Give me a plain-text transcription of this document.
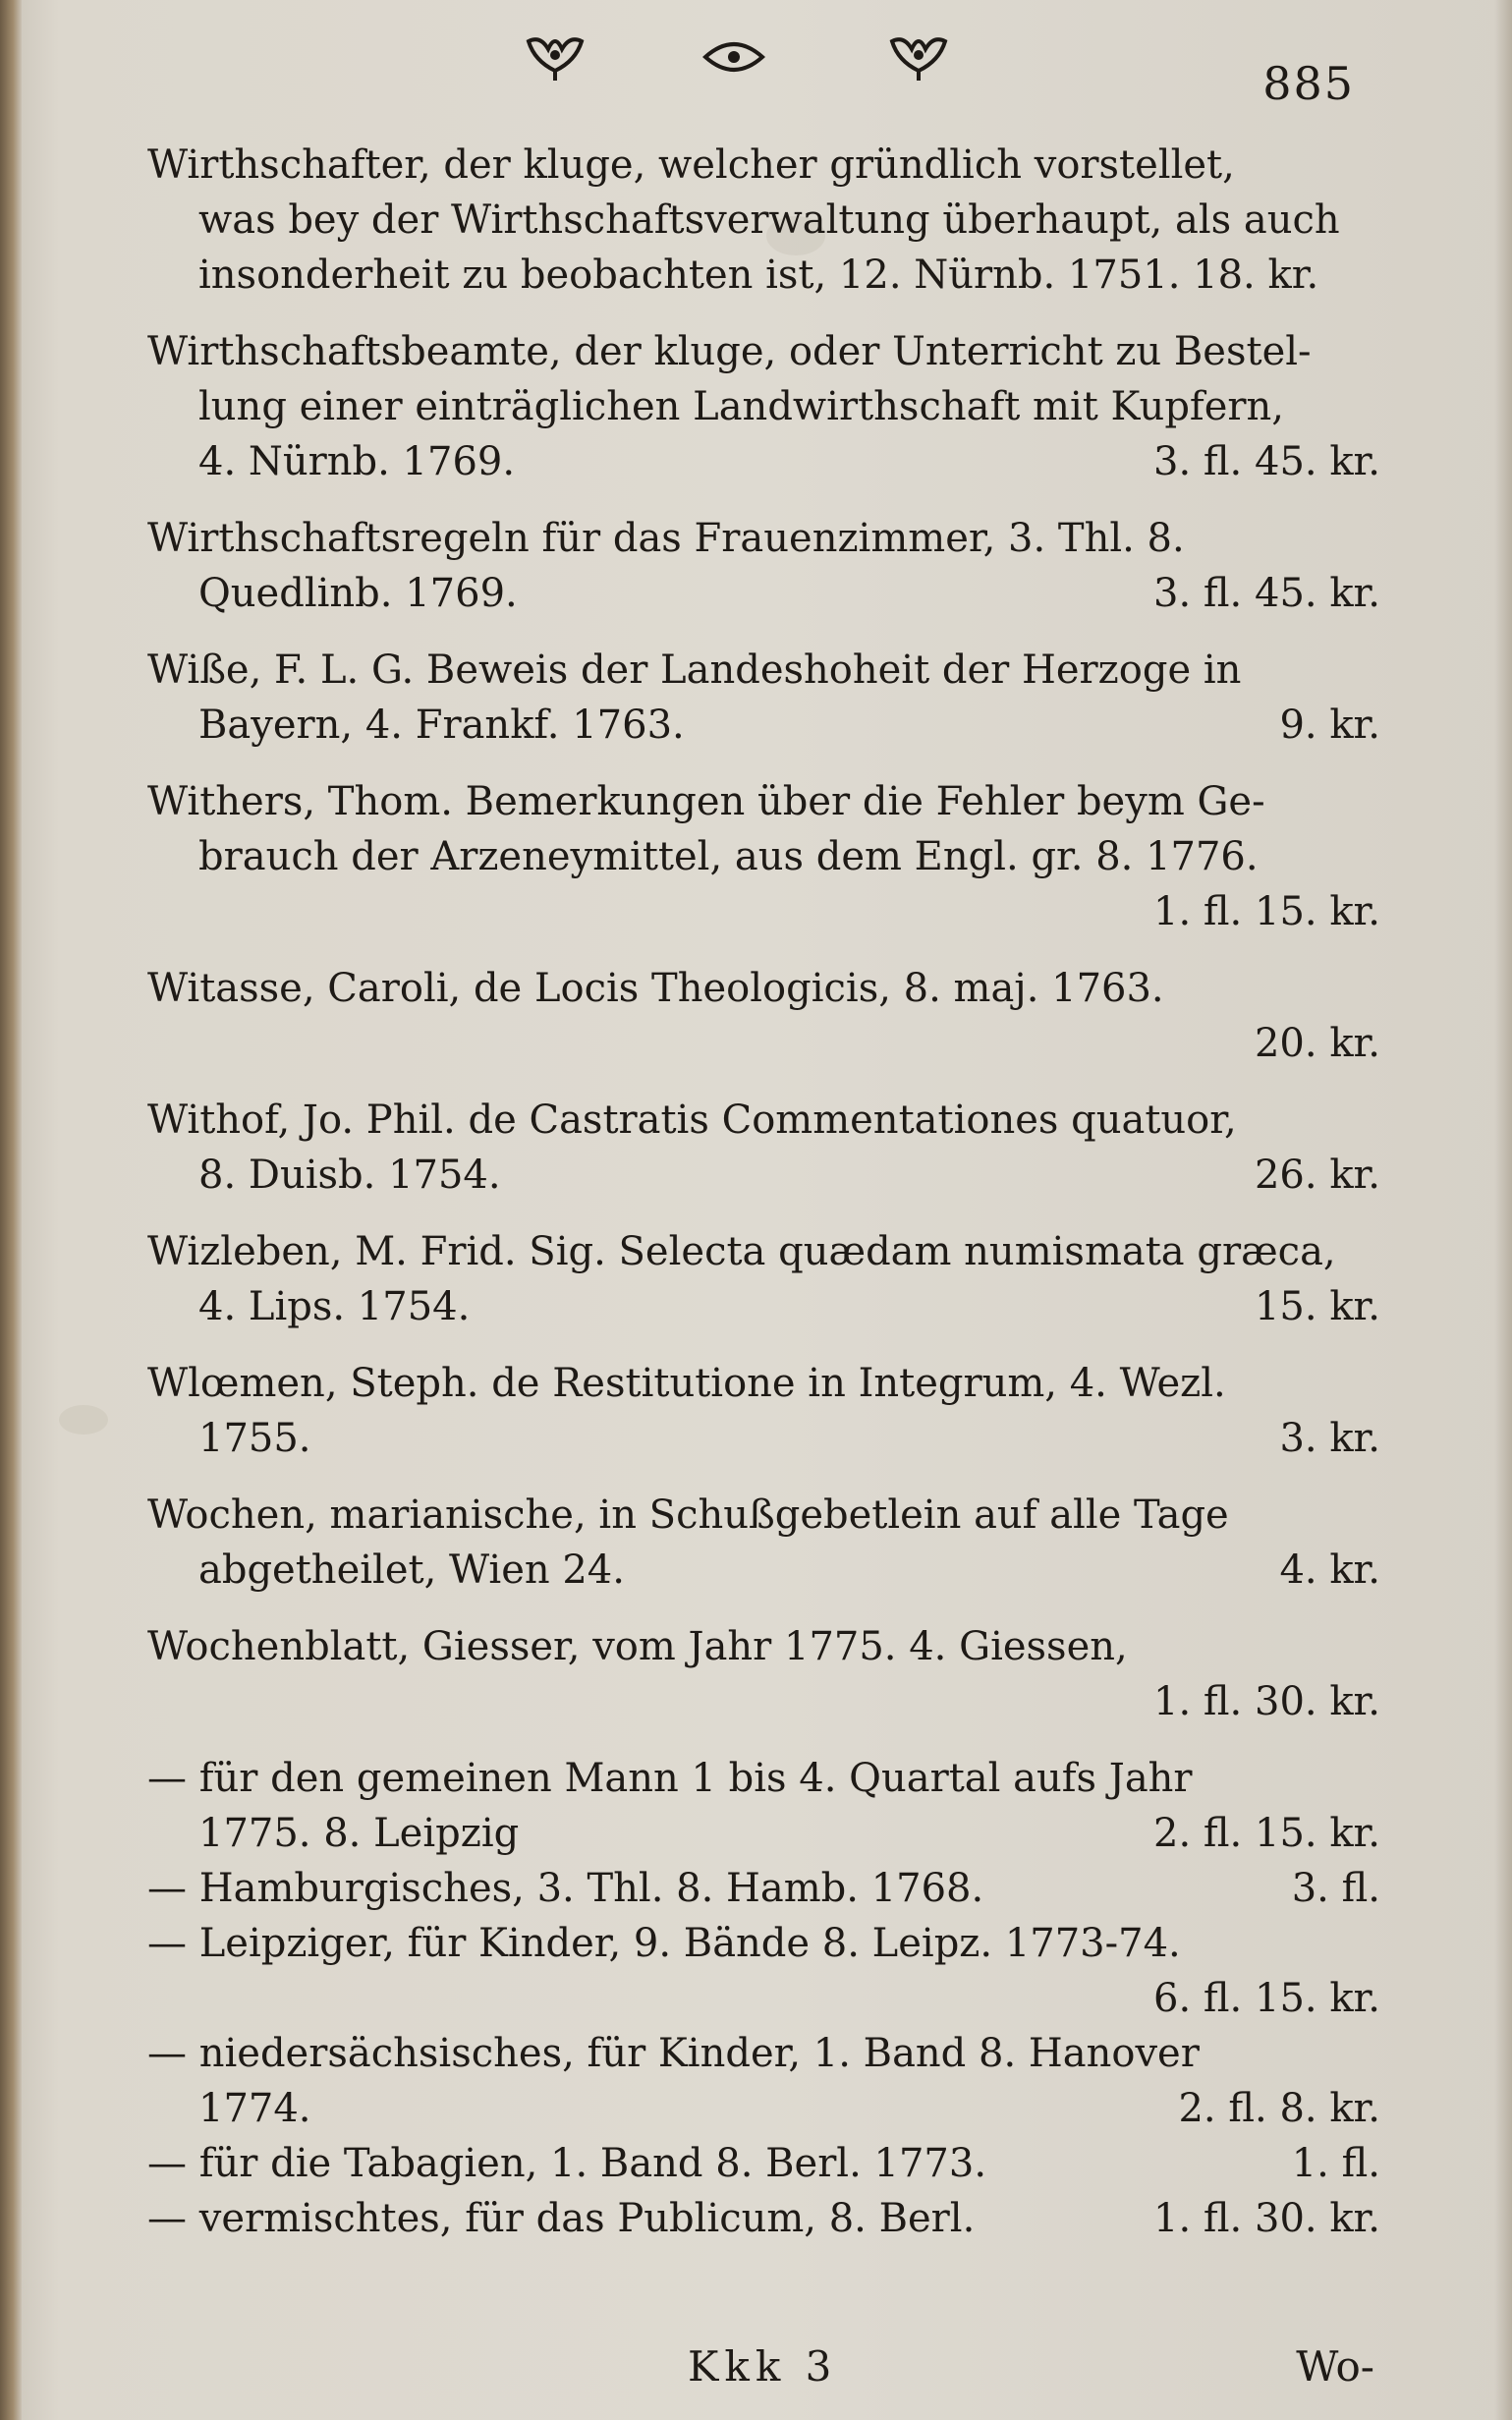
885
Wirthschafter, der kluge, welcher gründlich vorstellet,
was bey der Wirthschaftsverwaltung überhaupt, als auch
insonderheit zu beobachten ist, 12. Nürnb. 1751. 18. kr.
Wirthschaftsbeamte, der kluge, oder Unterricht zu Bestel-
lung einer einträglichen Landwirthschaft mit Kupfern,
4. Nürnb. 1769.	3. fl. 45. kr.
Wirthschaftsregeln für das Frauenzimmer, 3. Thl. 8.
Quedlinb. 1769.	3. fl. 45. kr.
Wiße, F. L. G. Beweis der Landeshoheit der Herzoge in
Bayern, 4. Frankf. 1763.	9. kr.
Withers, Thom. Bemerkungen über die Fehler beym Ge-
brauch der Arzeneymittel, aus dem Engl. gr. 8. 1776.
1. fl. 15. kr.
Witasse, Caroli, de Locis Theologicis, 8. maj. 1763.
20. kr.
Withof, Jo. Phil. de Castratis Commentationes quatuor,
8. Duisb. 1754.	26. kr.
Wizleben, M. Frid. Sig. Selecta quædam numismata græca,
4. Lips. 1754.	15. kr.
Wlœmen, Steph. de Restitutione in Integrum, 4. Wezl.
1755.	3. kr.
Wochen, marianische, in Schußgebetlein auf alle Tage
abgetheilet, Wien 24.	4. kr.
Wochenblatt, Giesser, vom Jahr 1775. 4. Giessen,
1. fl. 30. kr.
— für den gemeinen Mann 1 bis 4. Quartal aufs Jahr
1775. 8. Leipzig	2. fl. 15. kr.
— Hamburgisches, 3. Thl. 8. Hamb. 1768.	3. fl.
— Leipziger, für Kinder, 9. Bände 8. Leipz. 1773-74.
6. fl. 15. kr.
— niedersächsisches, für Kinder, 1. Band 8. Hanover
1774.	2. fl. 8. kr.
— für die Tabagien, 1. Band 8. Berl. 1773.	1. fl.
— vermischtes, für das Publicum, 8. Berl.	1. fl. 30. kr.
Kkk 3	Wo-
